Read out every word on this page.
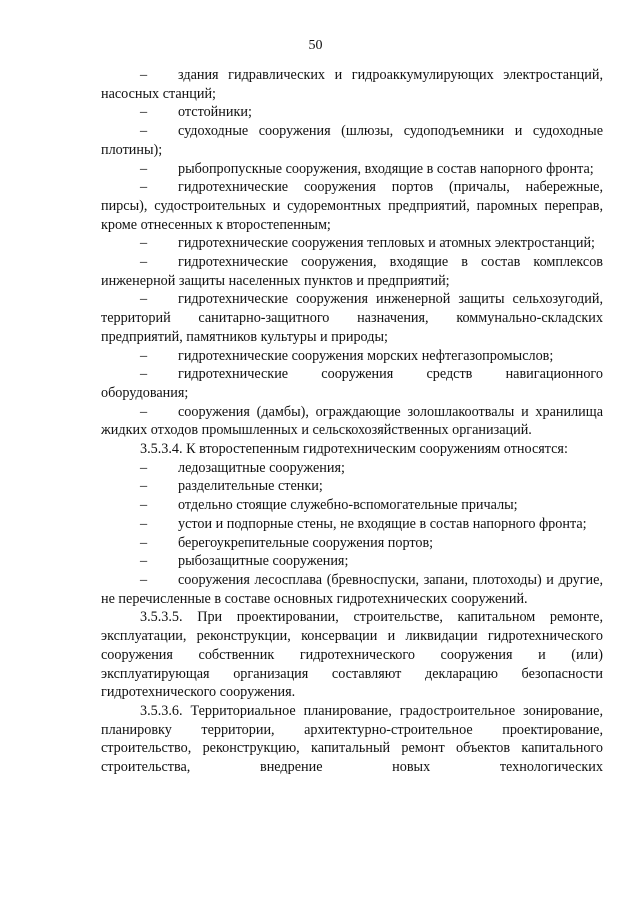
50
– здания гидравлических и гидроаккумулирующих электростанций, насосных станций;
– отстойники;
– судоходные сооружения (шлюзы, судоподъемники и судоходные плотины);
– рыбопропускные сооружения, входящие в состав напорного фронта;
– гидротехнические сооружения портов (причалы, набережные, пирсы), судостроительных и судоремонтных предприятий, паромных переправ, кроме отнесенных к второстепенным;
– гидротехнические сооружения тепловых и атомных электростанций;
– гидротехнические сооружения, входящие в состав комплексов инженерной защиты населенных пунктов и предприятий;
– гидротехнические сооружения инженерной защиты сельхозугодий, территорий санитарно-защитного назначения, коммунально-складских предприятий, памятников культуры и природы;
– гидротехнические сооружения морских нефтегазопромыслов;
– гидротехнические сооружения средств навигационного оборудования;
– сооружения (дамбы), ограждающие золошлакоотвалы и хранилища жидких отходов промышленных и сельскохозяйственных организаций.
3.5.3.4. К второстепенным гидротехническим сооружениям относятся:
– ледозащитные сооружения;
– разделительные стенки;
– отдельно стоящие служебно-вспомогательные причалы;
– устои и подпорные стены, не входящие в состав напорного фронта;
– берегоукрепительные сооружения портов;
– рыбозащитные сооружения;
– сооружения лесосплава (бревноспуски, запани, плотоходы) и другие, не перечисленные в составе основных гидротехнических сооружений.
3.5.3.5. При проектировании, строительстве, капитальном ремонте, эксплуатации, реконструкции, консервации и ликвидации гидротехнического сооружения собственник гидротехнического сооружения и (или) эксплуатирующая организация составляют декларацию безопасности гидротехнического сооружения.
3.5.3.6. Территориальное планирование, градостроительное зонирование, планировку территории, архитектурно-строительное проектирование, строительство, реконструкцию, капитальный ремонт объектов капитального строительства, внедрение новых технологических
